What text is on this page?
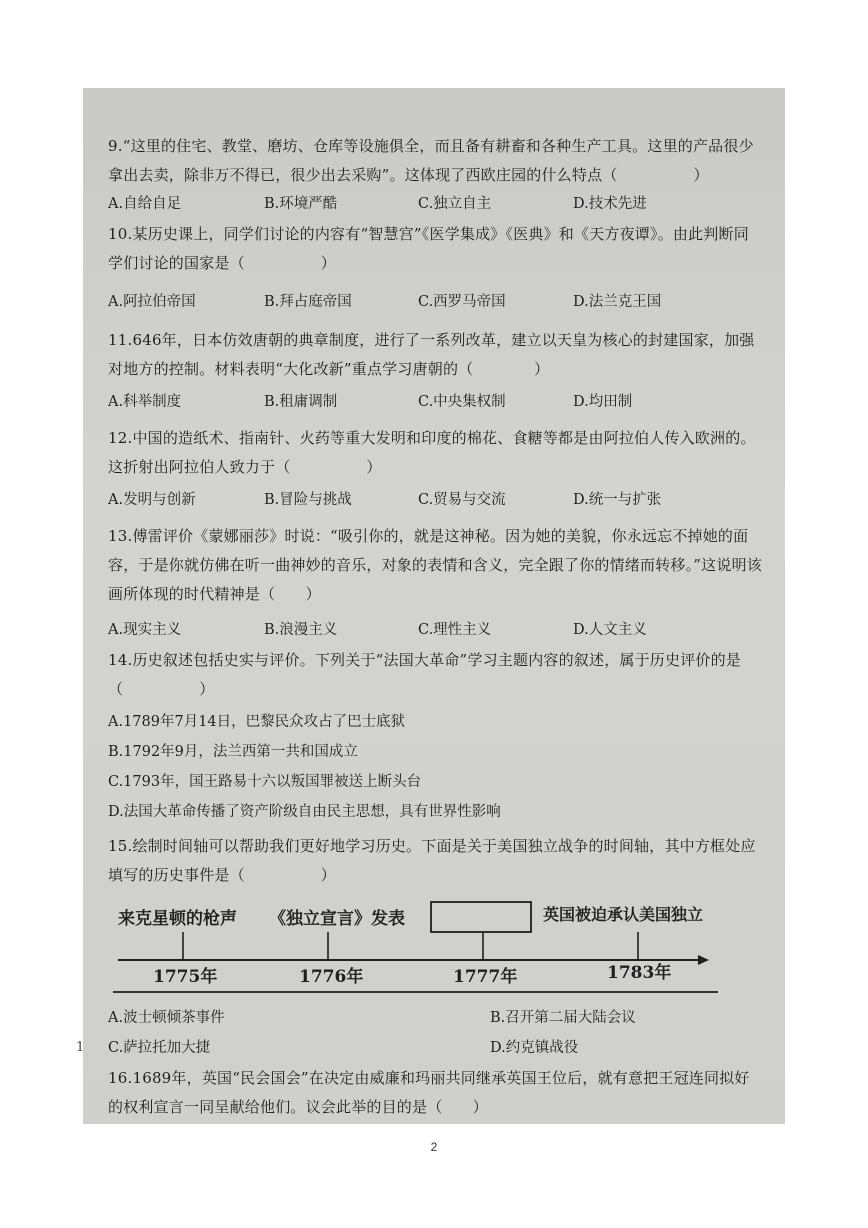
9.“这里的住宅、教堂、磨坊、仓库等设施俱全，而且备有耕畜和各种生产工具。这里的产品很少拿出去卖，除非万不得已，很少出去采购”。这体现了西欧庄园的什么特点（　　　　　）
A.自给自足	B.环境严酷	C.独立自主	D.技术先进
10.某历史课上，同学们讨论的内容有“智慧宫”《医学集成》《医典》和《天方夜谭》。由此判断同学们讨论的国家是（　　　　　）
A.阿拉伯帝国	B.拜占庭帝国	C.西罗马帝国	D.法兰克王国
11.646年，日本仿效唐朝的典章制度，进行了一系列改革，建立以天皇为核心的封建国家，加强对地方的控制。材料表明“大化改新”重点学习唐朝的（　　　　）
A.科举制度	B.租庸调制	C.中央集权制	D.均田制
12.中国的造纸术、指南针、火药等重大发明和印度的棉花、食糖等都是由阿拉伯人传入欧洲的。这折射出阿拉伯人致力于（　　　　　）
A.发明与创新	B.冒险与挑战	C.贸易与交流	D.统一与扩张
13.傅雷评价《蒙娜丽莎》时说：“吸引你的，就是这神秘。因为她的美貌，你永远忘不掉她的面容，于是你就仿佛在听一曲神妙的音乐，对象的表情和含义，完全跟了你的情绪而转移。”这说明该画所体现的时代精神是（　　）
A.现实主义	B.浪漫主义	C.理性主义	D.人文主义
14.历史叙述包括史实与评价。下列关于“法国大革命”学习主题内容的叙述，属于历史评价的是（　　　　　）
A.1789年7月14日，巴黎民众攻占了巴士底狱
B.1792年9月，法兰西第一共和国成立
C.1793年，国王路易十六以叛国罪被送上断头台
D.法国大革命传播了资产阶级自由民主思想，具有世界性影响
15.绘制时间轴可以帮助我们更好地学习历史。下面是关于美国独立战争的时间轴，其中方框处应填写的历史事件是（　　　　　）
来克星顿的枪声 《独立宣言》发表	英国被迫承认美国独立
1775年	1776年	1777年	1783年
A.波士顿倾茶事件	B.召开第二届大陆会议
C.萨拉托加大捷	D.约克镇战役
16.1689年，英国“民会国会”在决定由威廉和玛丽共同继承英国王位后，就有意把王冠连同拟好的权利宣言一同呈献给他们。议会此举的目的是（　　）
1
2
